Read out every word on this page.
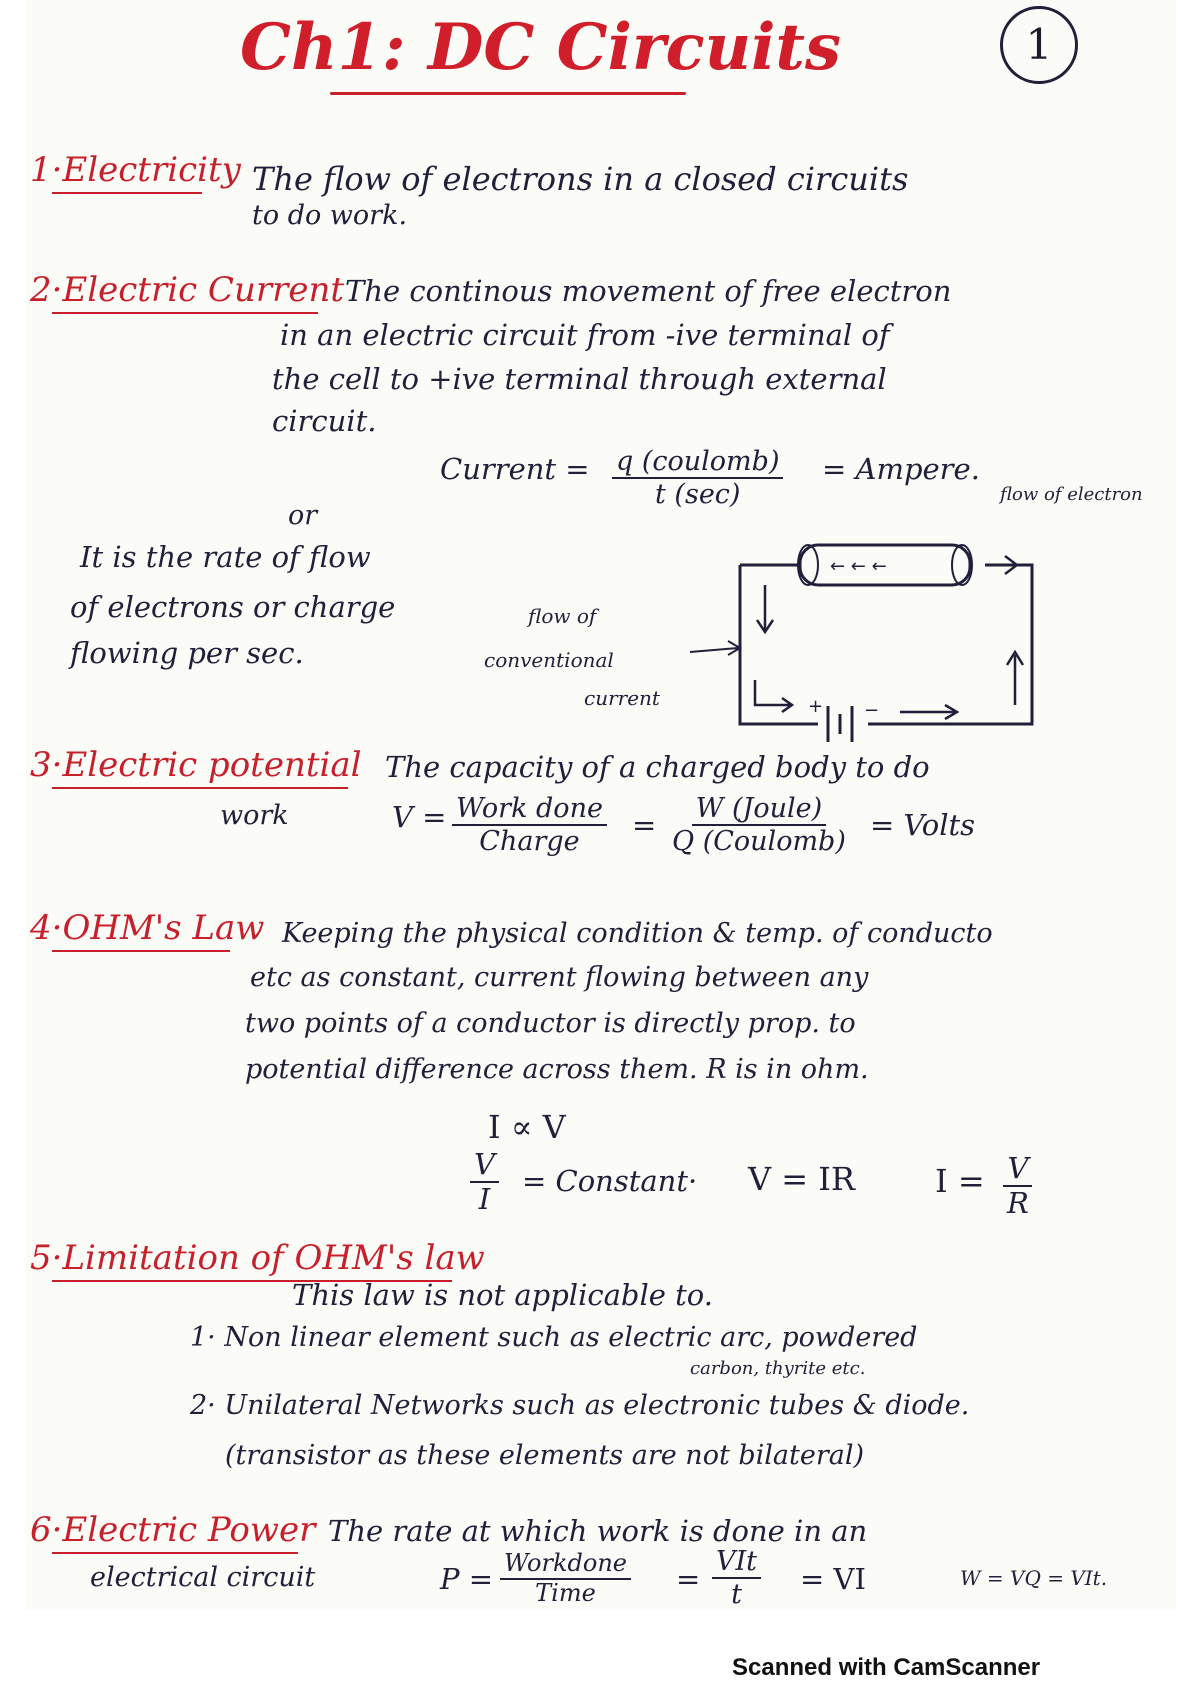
Ch1: DC Circuits	1
1·Electricity The flow of electrons in a closed circuits
to do work.
2·Electric Current The continous movement of free electron
in an electric circuit from -ive terminal of
the cell to +ive terminal through external
circuit.
Current = q (coulomb)
t (sec)
= Ampere.
or
It is the rate of flow
of electrons or charge
flowing per sec.
flow of electron
flow of
conventional
current
← ← ←
+ −
3·Electric potential The capacity of a charged body to do
work	V = Work done
Charge = W (Joule)
Q (Coulomb) = Volts
4·OHM's Law Keeping the physical condition & temp. of conducto
etc as constant, current flowing between any
two points of a conductor is directly prop. to
potential difference across them. R is in ohm.
I ∝ V
$\frac{V}{I}$ = Constant· V = IR	$I = \frac{V}{R}$
5·Limitation of OHM's law
This law is not applicable to.
1· Non linear element such as electric arc, powdered
carbon, thyrite etc.
2· Unilateral Networks such as electronic tubes & diode.
(transistor as these elements are not bilateral)
6·Electric Power The rate at which work is done in an
electrical circuit	P = Workdone
Time	=
VIt
t = VI	W = VQ = VIt.
Scanned with CamScanner
